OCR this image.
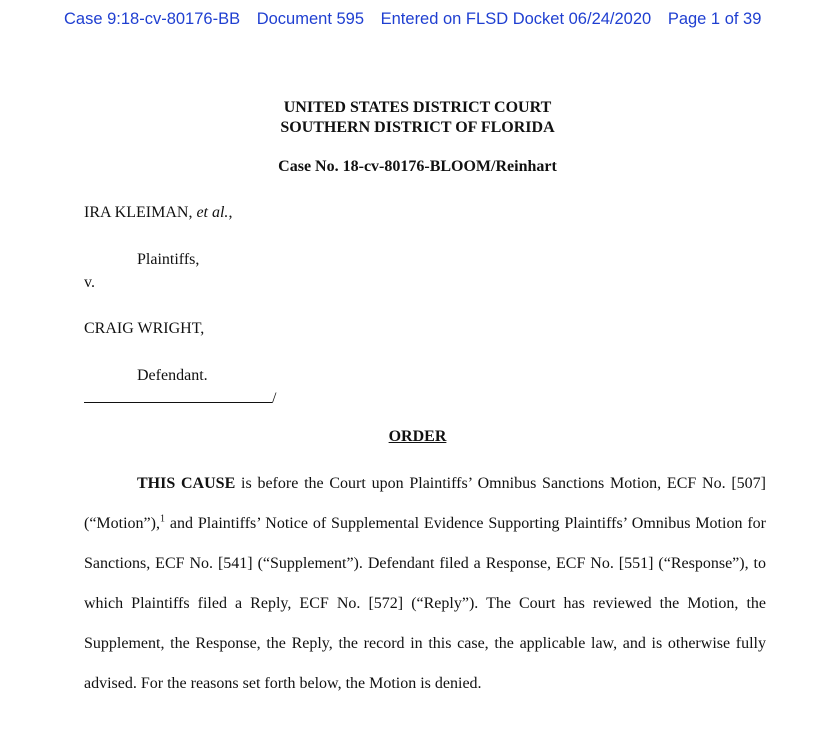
Case 9:18-cv-80176-BB Document 595 Entered on FLSD Docket 06/24/2020 Page 1 of 39
UNITED STATES DISTRICT COURT
SOUTHERN DISTRICT OF FLORIDA
Case No. 18-cv-80176-BLOOM/Reinhart
IRA KLEIMAN, et al.,
Plaintiffs,
v.
CRAIG WRIGHT,
Defendant.
/
ORDER

THIS CAUSE is before the Court upon Plaintiffs’ Omnibus Sanctions Motion, ECF No. [507] (“Motion”),$^1$ and Plaintiffs’ Notice of Supplemental Evidence Supporting Plaintiffs’ Omnibus Motion for Sanctions, ECF No. [541] (“Supplement”). Defendant filed a Response, ECF No. [551] (“Response”), to which Plaintiffs filed a Reply, ECF No. [572] (“Reply”). The Court has reviewed the Motion, the Supplement, the Response, the Reply, the record in this case, the applicable law, and is otherwise fully advised. For the reasons set forth below, the Motion is denied.
